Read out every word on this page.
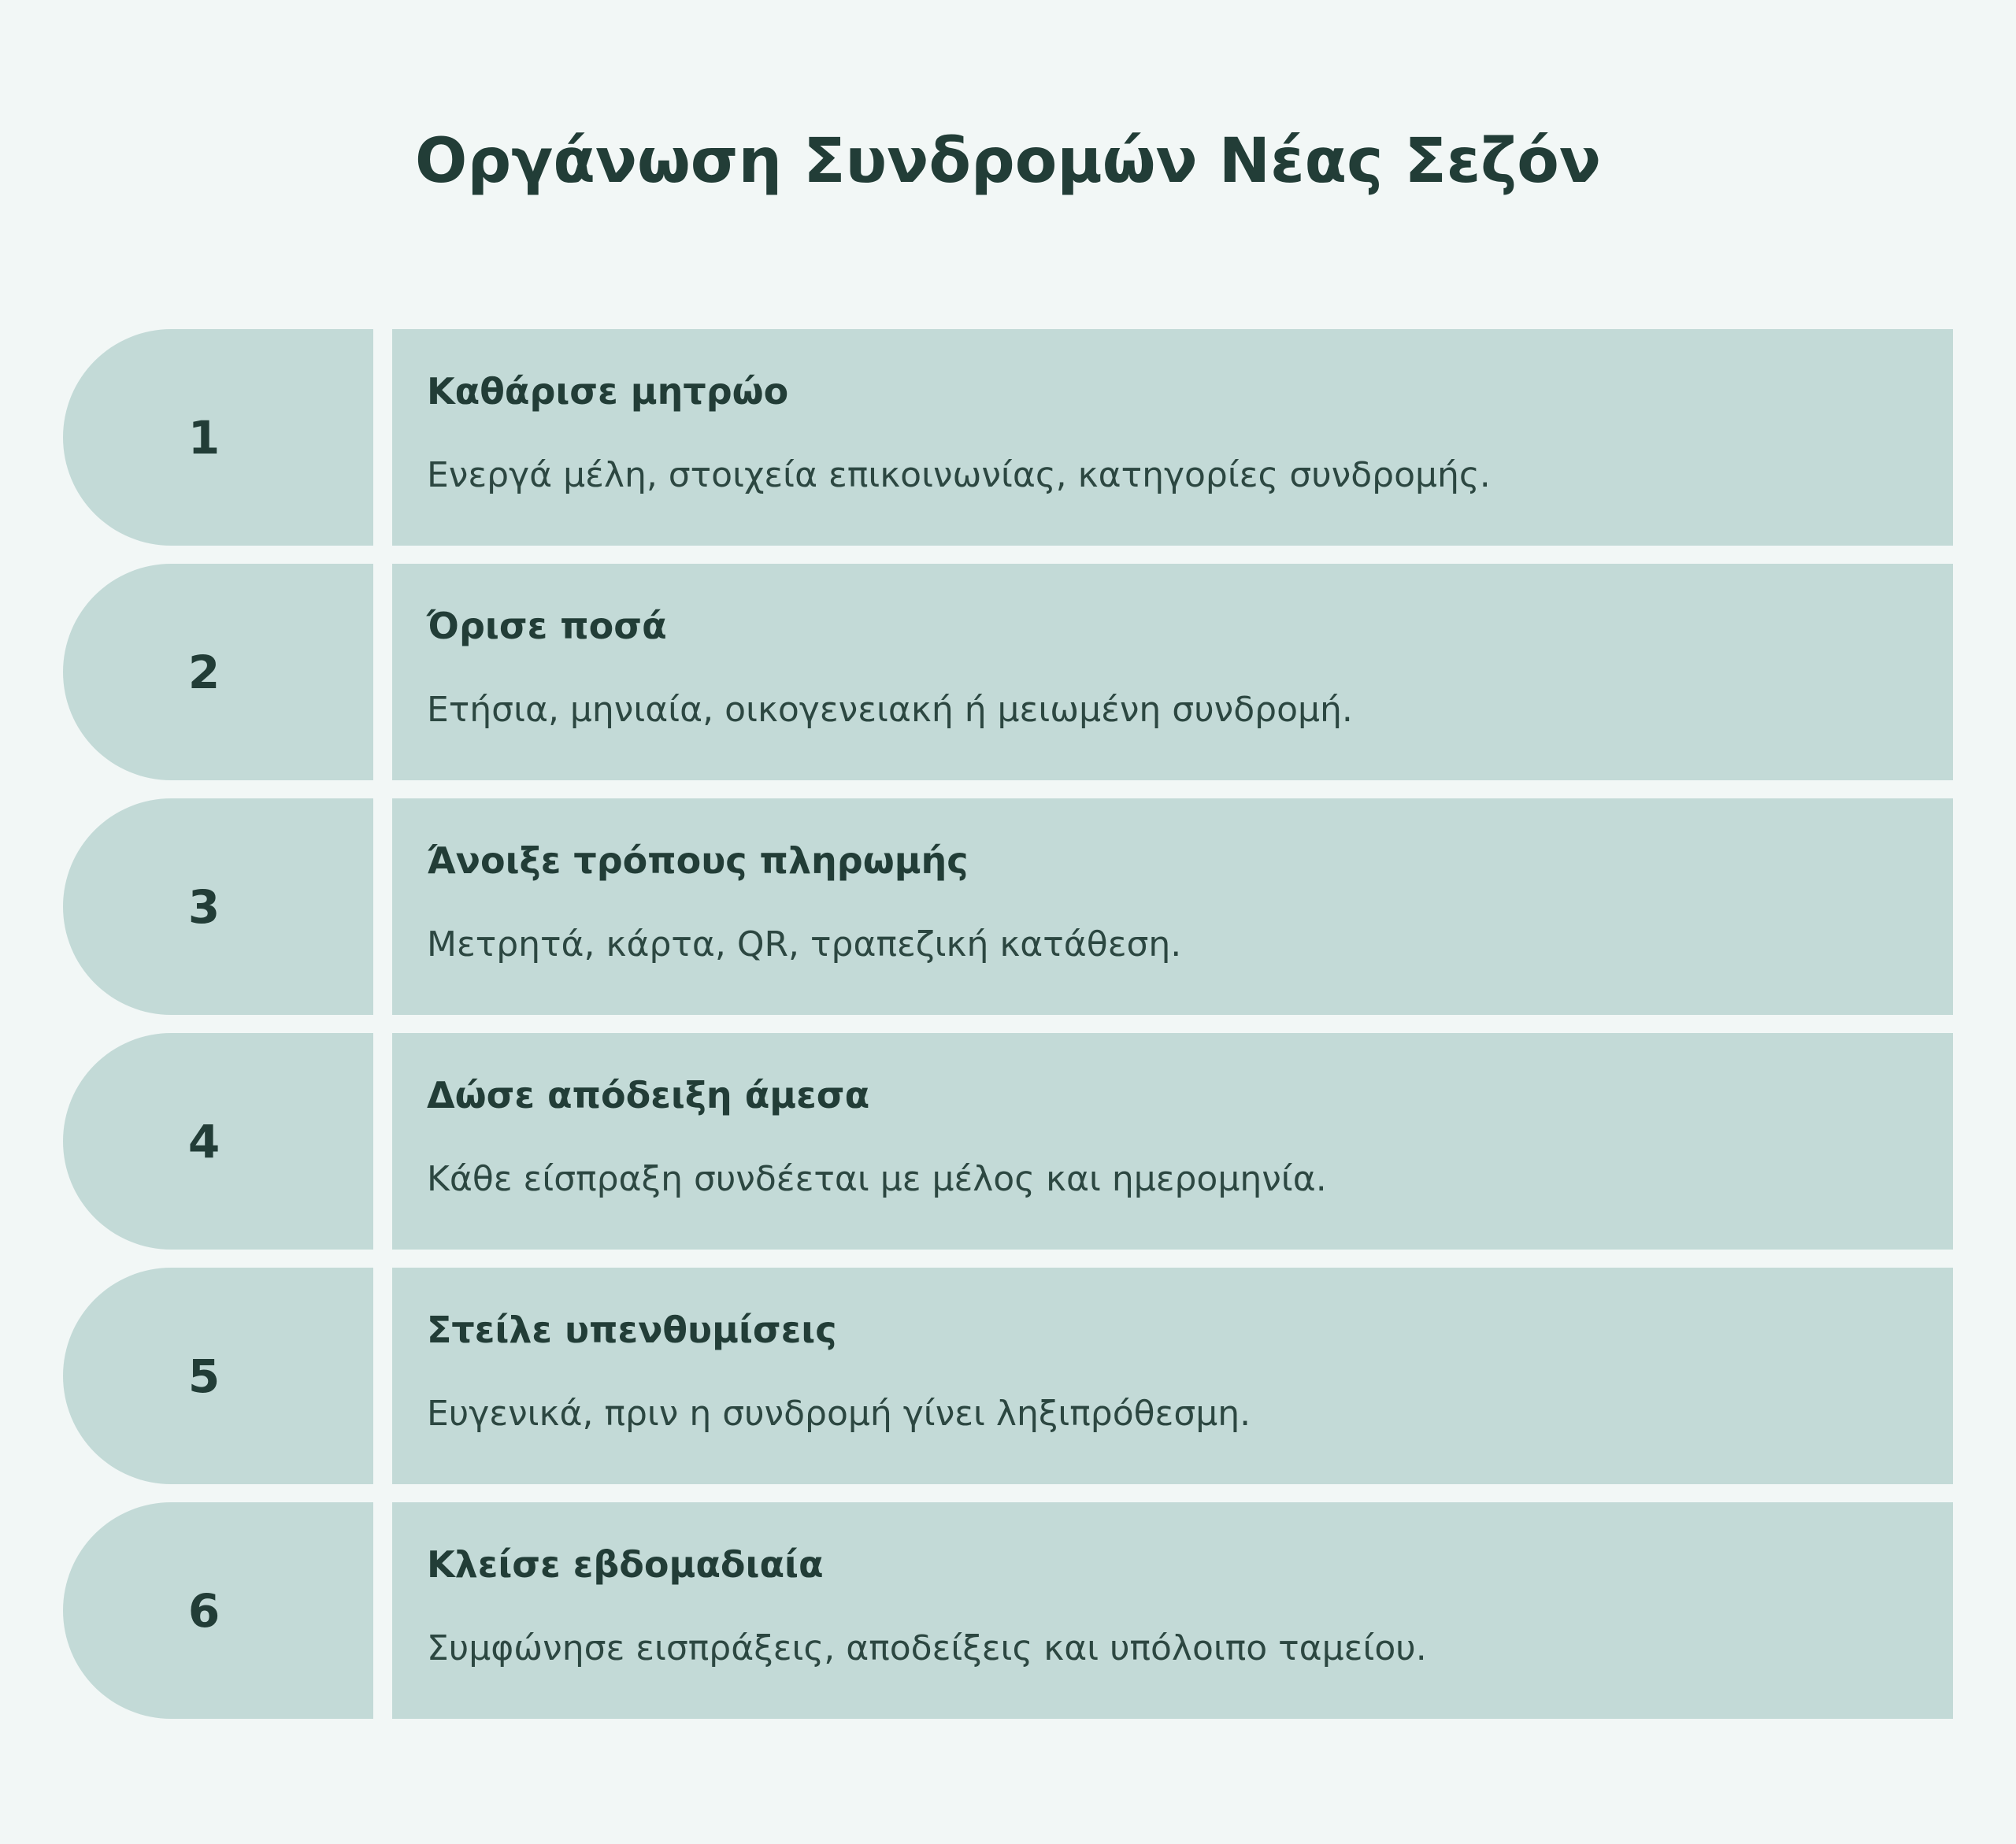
Οργάνωση Συνδρομών Νέας Σεζόν
1
Καθάρισε μητρώο
Ενεργά μέλη, στοιχεία επικοινωνίας, κατηγορίες συνδρομής.
2
Όρισε ποσά
Ετήσια, μηνιαία, οικογενειακή ή μειωμένη συνδρομή.
3
Άνοιξε τρόπους πληρωμής
Μετρητά, κάρτα, QR, τραπεζική κατάθεση.
4
Δώσε απόδειξη άμεσα
Κάθε είσπραξη συνδέεται με μέλος και ημερομηνία.
5
Στείλε υπενθυμίσεις
Ευγενικά, πριν η συνδρομή γίνει ληξιπρόθεσμη.
6
Κλείσε εβδομαδιαία
Συμφώνησε εισπράξεις, αποδείξεις και υπόλοιπο ταμείου.
